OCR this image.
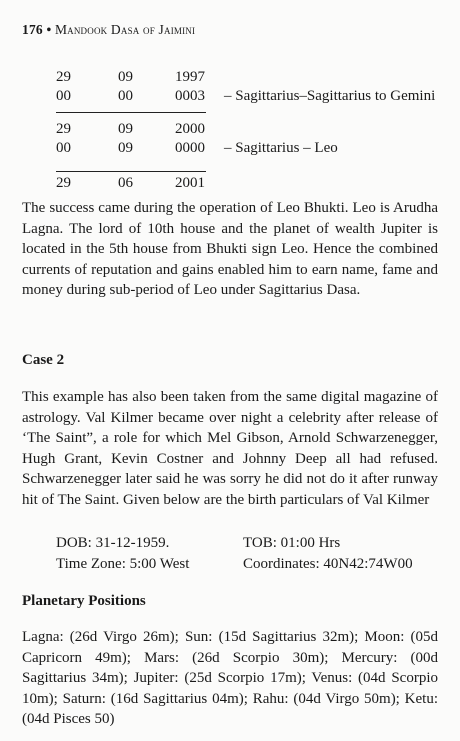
176 • Mandook Dasa of Jaimini
29	09	1997
00	00	0003 – Sagittarius–Sagittarius to Gemini
29	09	2000
00	09	0000 – Sagittarius – Leo
29	06	2001

The success came during the operation of Leo Bhukti. Leo is Arudha Lagna. The lord of 10th house and the planet of wealth Jupiter is located in the 5th house from Bhukti sign Leo. Hence the combined currents of reputation and gains enabled him to earn name, fame and money during sub-period of Leo under Sagittarius Dasa.

Case 2

This example has also been taken from the same digital magazine of astrology. Val Kilmer became over night a celebrity after release of ‘The Saint”, a role for which Mel Gibson, Arnold Schwarzenegger, Hugh Grant, Kevin Costner and Johnny Deep all had refused. Schwarzenegger later said he was sorry he did not do it after runway hit of The Saint. Given below are the birth particulars of Val Kilmer

DOB: 31-12-1959.	TOB: 01:00 Hrs
Time Zone: 5:00 West	Coordinates: 40N42:74W00
Planetary Positions

Lagna: (26d Virgo 26m); Sun: (15d Sagittarius 32m); Moon: (05d Capricorn 49m); Mars: (26d Scorpio 30m); Mercury: (00d Sagittarius 34m); Jupiter: (25d Scorpio 17m); Venus: (04d Scorpio 10m); Saturn: (16d Sagittarius 04m); Rahu: (04d Virgo 50m); Ketu: (04d Pisces 50)
